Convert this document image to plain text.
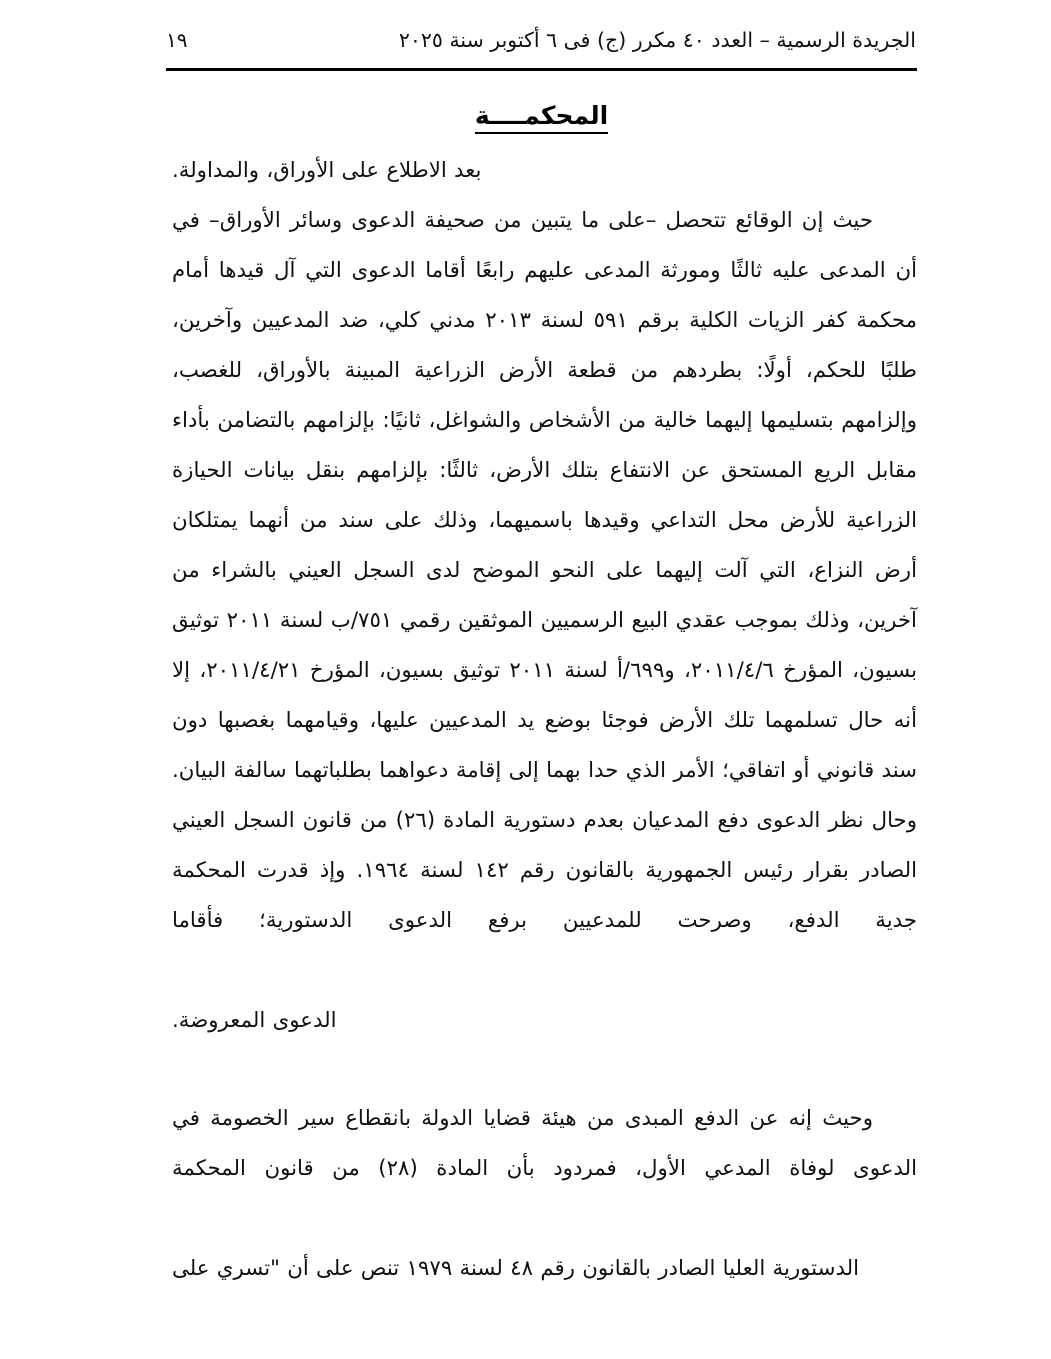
١٩	الجريدة الرسمية – العدد ٤٠ مكرر (ج) فى ٦ أكتوبر سنة ٢٠٢٥
المحكمــــة

بعد الاطلاع على الأوراق، والمداولة.

حيث إن الوقائع تتحصل –على ما يتبين من صحيفة الدعوى وسائر الأوراق– في أن المدعى عليه ثالثًا ومورثة المدعى عليهم رابعًا أقاما الدعوى التي آل قيدها أمام محكمة كفر الزيات الكلية برقم ٥٩١ لسنة ٢٠١٣ مدني كلي، ضد المدعيين وآخرين، طلبًا للحكم، أولًا: بطردهم من قطعة الأرض الزراعية المبينة بالأوراق، للغصب، وإلزامهم بتسليمها إليهما خالية من الأشخاص والشواغل، ثانيًا: بإلزامهم بالتضامن بأداء مقابل الريع المستحق عن الانتفاع بتلك الأرض، ثالثًا: بإلزامهم بنقل بيانات الحيازة الزراعية للأرض محل التداعي وقيدها باسميهما، وذلك على سند من أنهما يمتلكان أرض النزاع، التي آلت إليهما على النحو الموضح لدى السجل العيني بالشراء من آخرين، وذلك بموجب عقدي البيع الرسميين الموثقين رقمي ٧٥١/ب لسنة ٢٠١١ توثيق بسيون، المؤرخ ٢٠١١/٤/٦، و٦٩٩/أ لسنة ٢٠١١ توثيق بسيون، المؤرخ ٢٠١١/٤/٢١، إلا أنه حال تسلمهما تلك الأرض فوجئا بوضع يد المدعيين عليها، وقيامهما بغصبها دون سند قانوني أو اتفاقي؛ الأمر الذي حدا بهما إلى إقامة دعواهما بطلباتهما سالفة البيان. وحال نظر الدعوى دفع المدعيان بعدم دستورية المادة (٢٦) من قانون السجل العيني الصادر بقرار رئيس الجمهورية بالقانون رقم ١٤٢ لسنة ١٩٦٤. وإذ قدرت المحكمة جدية الدفع، وصرحت للمدعيين برفع الدعوى الدستورية؛ فأقاما

الدعوى المعروضة.

وحيث إنه عن الدفع المبدى من هيئة قضايا الدولة بانقطاع سير الخصومة في الدعوى لوفاة المدعي الأول، فمردود بأن المادة (٢٨) من قانون المحكمة

الدستورية العليا الصادر بالقانون رقم ٤٨ لسنة ١٩٧٩ تنص على أن "تسري على
